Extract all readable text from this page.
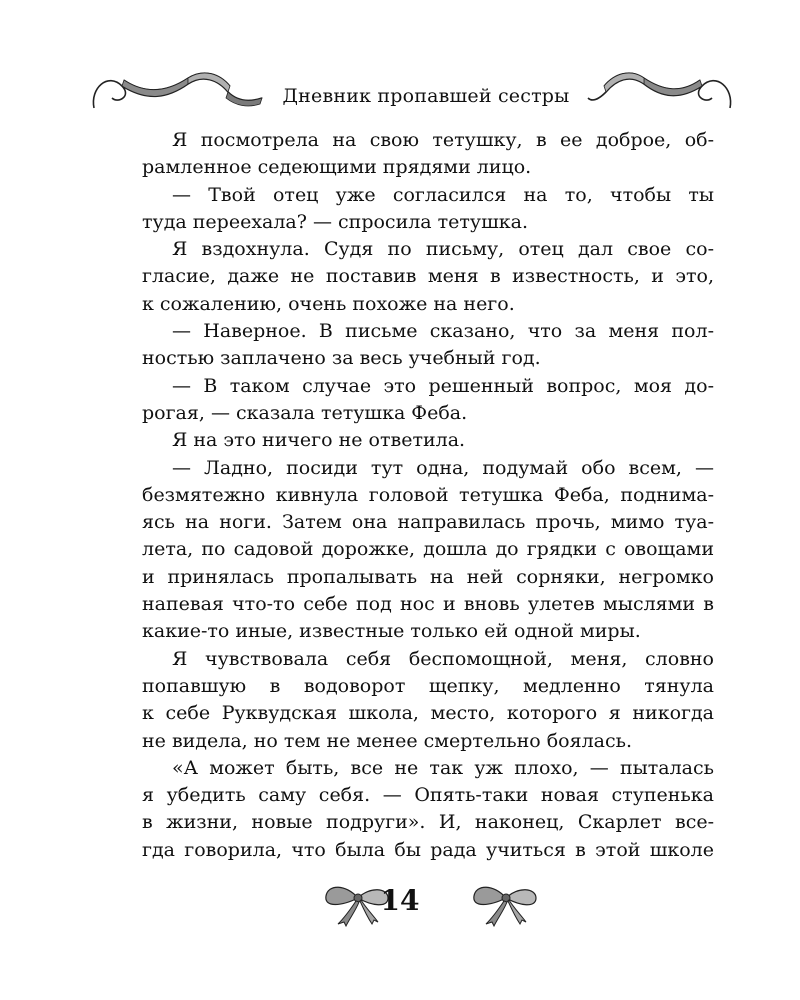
Дневник пропавшей сестры
Я посмотрела на свою тетушку, в ее доброе, об-
рамленное седеющими прядями лицо.
— Твой отец уже согласился на то, чтобы ты
туда переехала? — спросила тетушка.
Я вздохнула. Судя по письму, отец дал свое со-
гласие, даже не поставив меня в известность, и это,
к сожалению, очень похоже на него.
— Наверное. В письме сказано, что за меня пол-
ностью заплачено за весь учебный год.
— В таком случае это решенный вопрос, моя до-
рогая, — сказала тетушка Феба.
Я на это ничего не ответила.
— Ладно, посиди тут одна, подумай обо всем, —
безмятежно кивнула головой тетушка Феба, поднима-
ясь на ноги. Затем она направилась прочь, мимо туа-
лета, по садовой дорожке, дошла до грядки с овощами
и принялась пропалывать на ней сорняки, негромко
напевая что-то себе под нос и вновь улетев мыслями в
какие-то иные, известные только ей одной миры.
Я чувствовала себя беспомощной, меня, словно
попавшую в водоворот щепку, медленно тянула
к себе Руквудская школа, место, которого я никогда
не видела, но тем не менее смертельно боялась.
«А может быть, все не так уж плохо, — пыталась
я убедить саму себя. — Опять-таки новая ступенька
в жизни, новые подруги». И, наконец, Скарлет все-
гда говорила, что была бы рада учиться в этой школе
14
